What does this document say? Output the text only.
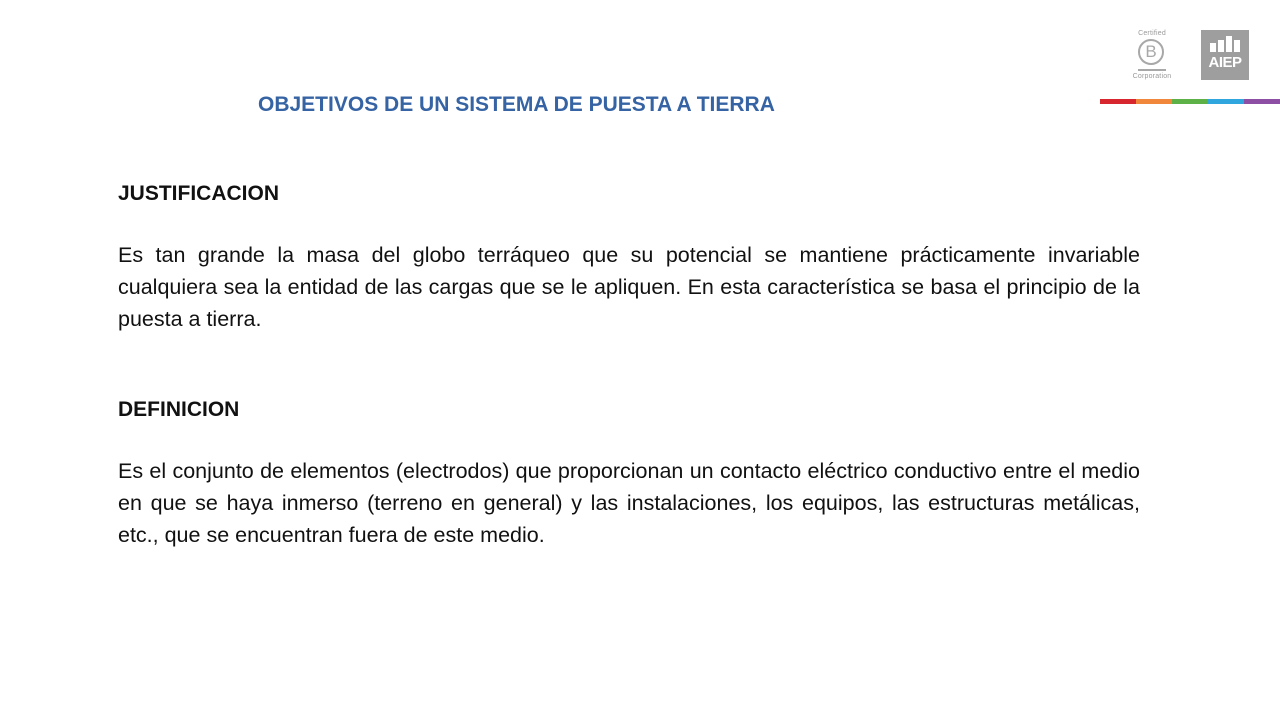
Certified
B
Corporation
AIEP
OBJETIVOS DE UN SISTEMA DE PUESTA A TIERRA
JUSTIFICACION

Es tan grande la masa del globo terráqueo que su potencial se mantiene prácticamente invariable cualquiera sea la entidad de las cargas que se le apliquen. En esta característica se basa el principio de la puesta a tierra.

DEFINICION

Es el conjunto de elementos (electrodos) que proporcionan un contacto eléctrico conductivo entre el medio en que se haya inmerso (terreno en general) y las instalaciones, los equipos, las estructuras metálicas, etc., que se encuentran fuera de este medio.
